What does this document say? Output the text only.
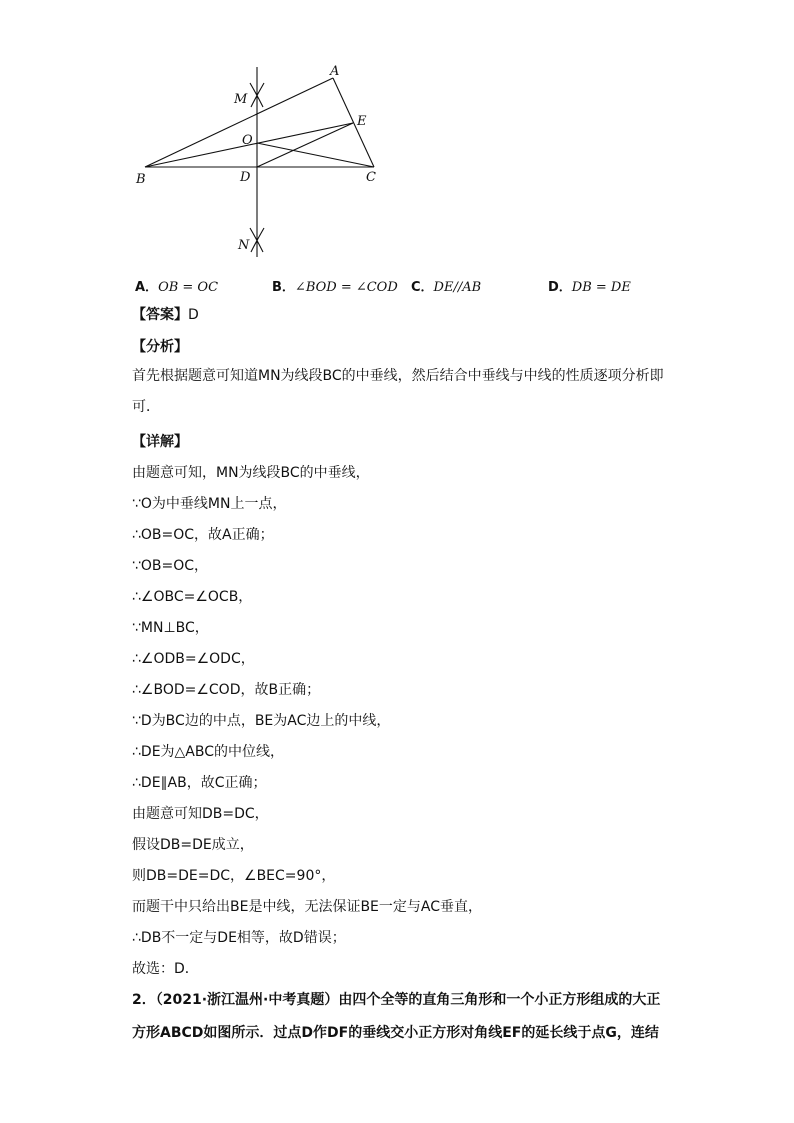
A
M
E
O
B	D	C
N
A．OB = OC	B．∠BOD = ∠COD C．DE//AB	D．DB = DE
【答案】D
【分析】
首先根据题意可知道MN为线段BC的中垂线，然后结合中垂线与中线的性质逐项分析即可．
【详解】
由题意可知，MN为线段BC的中垂线，
∵O为中垂线MN上一点，
∴OB=OC，故A正确；
∵OB=OC，
∴∠OBC=∠OCB，
∵MN⊥BC，
∴∠ODB=∠ODC，
∴∠BOD=∠COD，故B正确；
∵D为BC边的中点，BE为AC边上的中线，
∴DE为△ABC的中位线，
∴DE∥AB，故C正确；
由题意可知DB=DC，
假设DB=DE成立，
则DB=DE=DC，∠BEC=90°，
而题干中只给出BE是中线，无法保证BE一定与AC垂直，
∴DB不一定与DE相等，故D错误；
故选：D．
2．（2021·浙江温州·中考真题）由四个全等的直角三角形和一个小正方形组成的大正方形ABCD如图所示．过点D作DF的垂线交小正方形对角线EF的延长线于点G，连结
